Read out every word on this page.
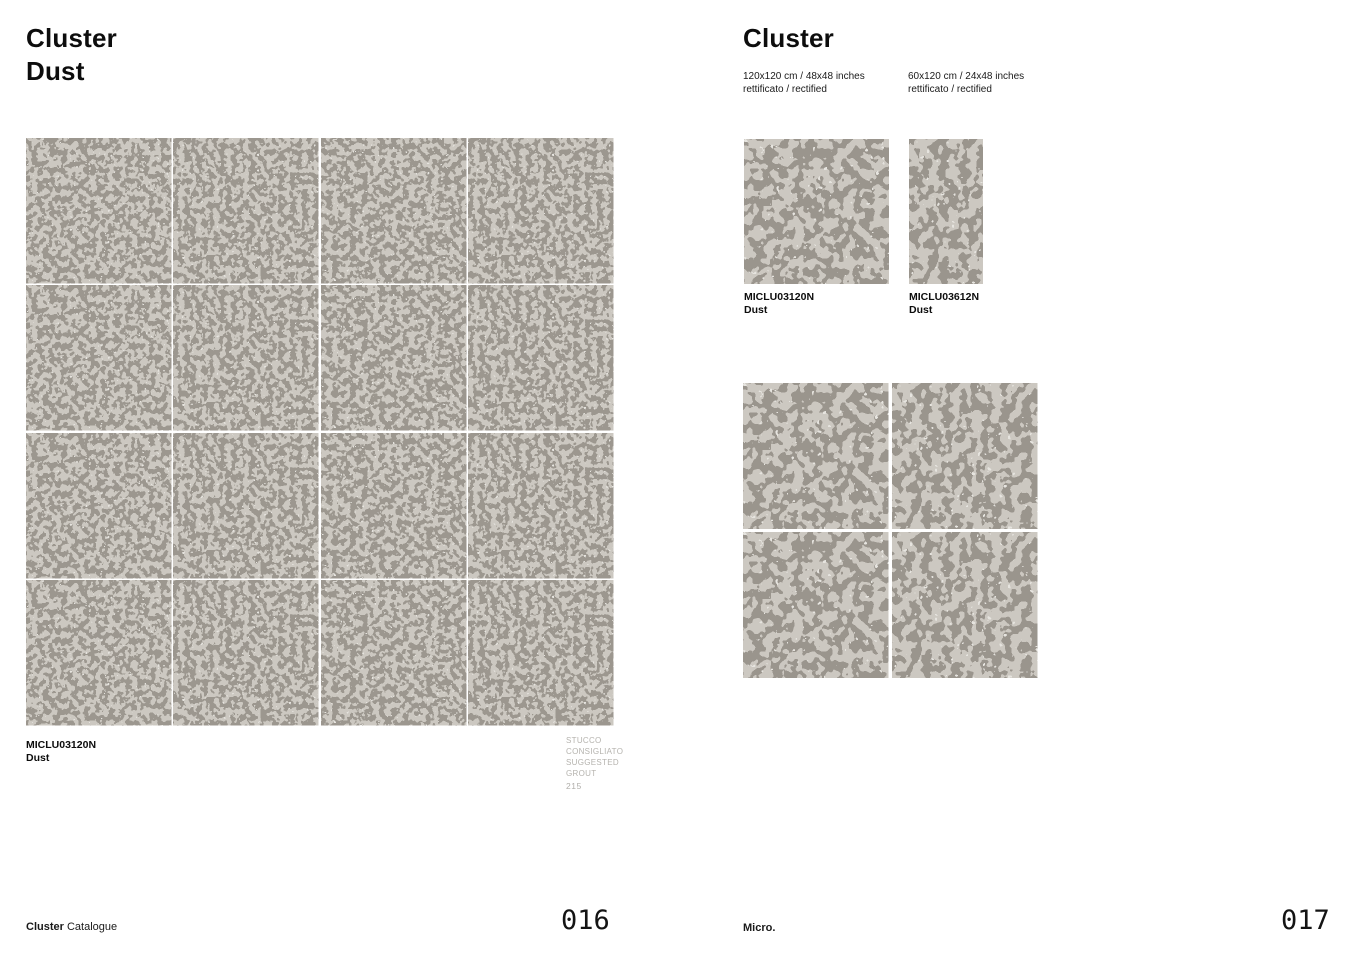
Cluster
Dust
MICLU03120N
Dust
STUCCO
CONSIGLIATO
SUGGESTED
GROUT
215
Cluster Catalogue	016
Cluster
120x120 cm / 48x48 inches
rettificato / rectified
60x120 cm / 24x48 inches
rettificato / rectified
MICLU03120N
Dust
MICLU03612N
Dust
Micro.	017
